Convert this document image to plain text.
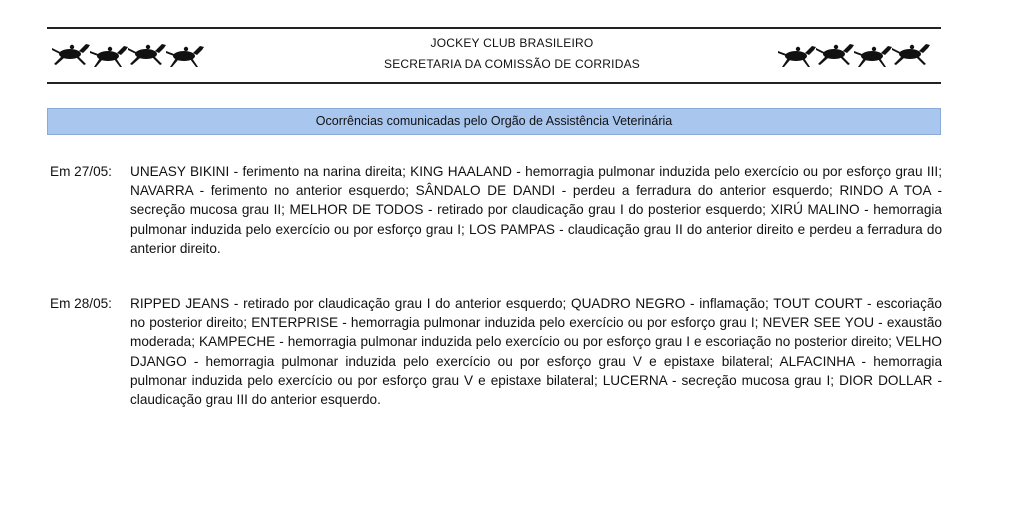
JOCKEY CLUB BRASILEIRO
SECRETARIA DA COMISSÃO DE CORRIDAS
Ocorrências comunicadas pelo Orgão de Assistência Veterinária
Em 27/05:	UNEASY BIKINI - ferimento na narina direita; KING HAALAND - hemorragia pulmonar induzida pelo exercício ou por esforço grau III; NAVARRA - ferimento no anterior esquerdo; SÂNDALO DE DANDI - perdeu a ferradura do anterior esquerdo; RINDO A TOA - secreção mucosa grau II; MELHOR DE TODOS - retirado por claudicação grau I do posterior esquerdo; XIRÚ MALINO - hemorragia pulmonar induzida pelo exercício ou por esforço grau I; LOS PAMPAS - claudicação grau II do anterior direito e perdeu a ferradura do anterior direito.
Em 28/05:	RIPPED JEANS - retirado por claudicação grau I do anterior esquerdo; QUADRO NEGRO - inflamação; TOUT COURT - escoriação no posterior direito; ENTERPRISE - hemorragia pulmonar induzida pelo exercício ou por esforço grau I; NEVER SEE YOU - exaustão moderada; KAMPECHE - hemorragia pulmonar induzida pelo exercício ou por esforço grau I e escoriação no posterior direito; VELHO DJANGO - hemorragia pulmonar induzida pelo exercício ou por esforço grau V e epistaxe bilateral; ALFACINHA - hemorragia pulmonar induzida pelo exercício ou por esforço grau V e epistaxe bilateral; LUCERNA - secreção mucosa grau I; DIOR DOLLAR - claudicação grau III do anterior esquerdo.
